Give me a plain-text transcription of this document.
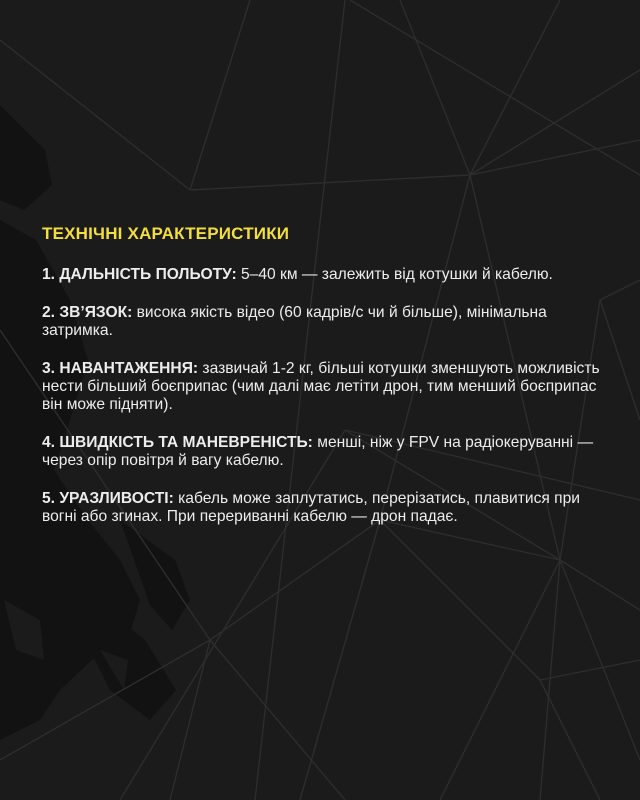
ТЕХНІЧНІ ХАРАКТЕРИСТИКИ

1. ДАЛЬНІСТЬ ПОЛЬОТУ: 5–40 км — залежить від котушки й кабелю.

2. ЗВ’ЯЗОК: висока якість відео (60 кадрів/с чи й більше), мінімальна затримка.

3. НАВАНТАЖЕННЯ: зазвичай 1-2 кг, більші котушки зменшують можливість нести більший боєприпас (чим далі має летіти дрон, тим менший боєприпас він може підняти).

4. ШВИДКІСТЬ ТА МАНЕВРЕНІСТЬ: менші, ніж у FPV на радіокеруванні — через опір повітря й вагу кабелю.

5. УРАЗЛИВОСТІ: кабель може заплутатись, перерізатись, плавитися при вогні або згинах. При перериванні кабелю — дрон падає.
